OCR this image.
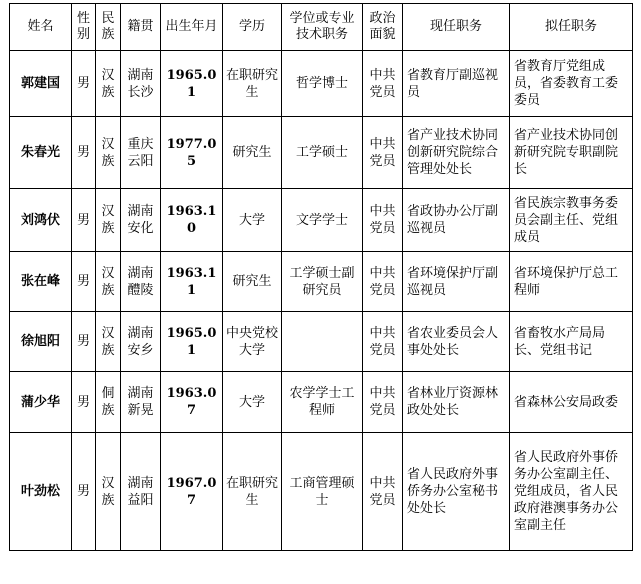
姓名	性别	民族	籍贯	出生年月	学历	学位或专业技术职务	政治面貌	现任职务	拟任职务
郭建国	男	汉族	湖南长沙	1965.01	在职研究生	哲学博士	中共党员	省教育厅副巡视员	省教育厅党组成员，省委教育工委委员
朱春光	男	汉族	重庆云阳	1977.05	研究生	工学硕士	中共党员	省产业技术协同创新研究院综合管理处处长	省产业技术协同创新研究院专职副院长
刘鸿伏	男	汉族	湖南安化	1963.10	大学	文学学士	中共党员	省政协办公厅副巡视员	省民族宗教事务委员会副主任、党组成员
张在峰	男	汉族	湖南醴陵	1963.11	研究生	工学硕士副研究员	中共党员	省环境保护厅副巡视员	省环境保护厅总工程师
徐旭阳	男	汉族	湖南安乡	1965.01	中央党校大学		中共党员	省农业委员会人事处处长	省畜牧水产局局长、党组书记
蒲少华	男	侗族	湖南新晃	1963.07	大学	农学学士工程师	中共党员	省林业厅资源林政处处长	省森林公安局政委
叶劲松	男	汉族	湖南益阳	1967.07	在职研究生	工商管理硕士	中共党员	省人民政府外事侨务办公室秘书处处长	省人民政府外事侨务办公室副主任、党组成员，省人民政府港澳事务办公室副主任
